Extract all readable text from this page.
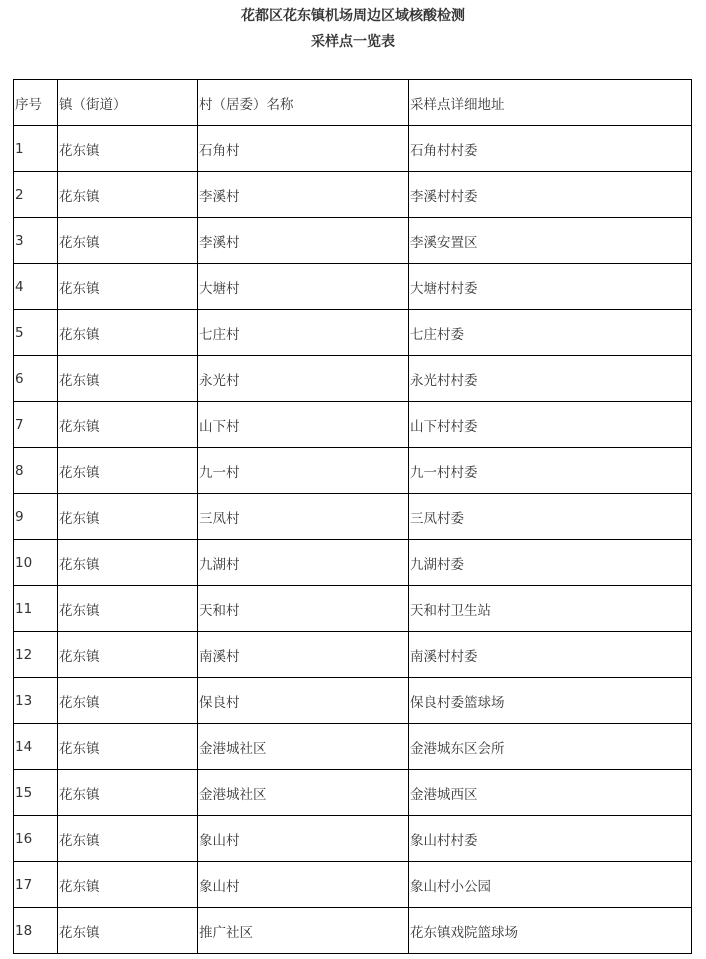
花都区花东镇机场周边区域核酸检测
采样点一览表
序号	镇（街道）	村（居委）名称	采样点详细地址
1	花东镇	石角村	石角村村委
2	花东镇	李溪村	李溪村村委
3	花东镇	李溪村	李溪安置区
4	花东镇	大塘村	大塘村村委
5	花东镇	七庄村	七庄村委
6	花东镇	永光村	永光村村委
7	花东镇	山下村	山下村村委
8	花东镇	九一村	九一村村委
9	花东镇	三凤村	三凤村委
10	花东镇	九湖村	九湖村委
11	花东镇	天和村	天和村卫生站
12	花东镇	南溪村	南溪村村委
13	花东镇	保良村	保良村委篮球场
14	花东镇	金港城社区	金港城东区会所
15	花东镇	金港城社区	金港城西区
16	花东镇	象山村	象山村村委
17	花东镇	象山村	象山村小公园
18	花东镇	推广社区	花东镇戏院篮球场
